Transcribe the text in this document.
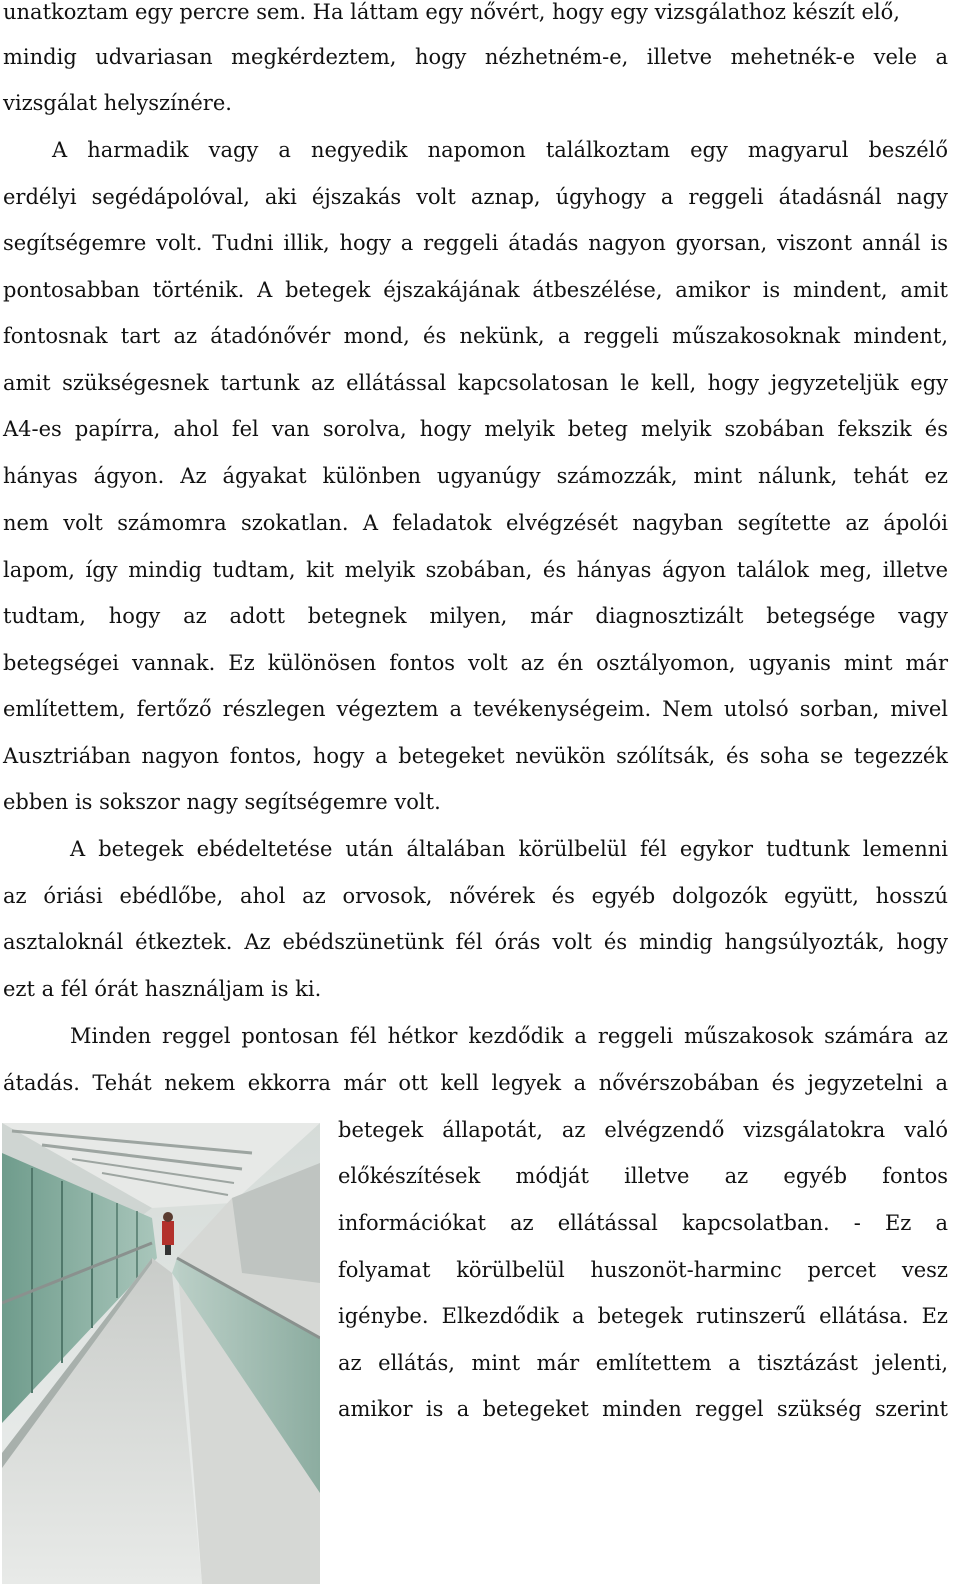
unatkoztam egy percre sem. Ha láttam egy nővért, hogy egy vizsgálathoz készít elő,
mindig udvariasan megkérdeztem, hogy nézhetném-e, illetve mehetnék-e vele a
vizsgálat helyszínére.
A harmadik vagy a negyedik napomon találkoztam egy magyarul beszélő
erdélyi segédápolóval, aki éjszakás volt aznap, úgyhogy a reggeli átadásnál nagy
segítségemre volt. Tudni illik, hogy a reggeli átadás nagyon gyorsan, viszont annál is
pontosabban történik. A betegek éjszakájának átbeszélése, amikor is mindent, amit
fontosnak tart az átadónővér mond, és nekünk, a reggeli műszakosoknak mindent,
amit szükségesnek tartunk az ellátással kapcsolatosan le kell, hogy jegyzeteljük egy
A4-es papírra, ahol fel van sorolva, hogy melyik beteg melyik szobában fekszik és
hányas ágyon. Az ágyakat különben ugyanúgy számozzák, mint nálunk, tehát ez
nem volt számomra szokatlan. A feladatok elvégzését nagyban segítette az ápolói
lapom, így mindig tudtam, kit melyik szobában, és hányas ágyon találok meg, illetve
tudtam, hogy az adott betegnek milyen, már diagnosztizált betegsége vagy
betegségei vannak. Ez különösen fontos volt az én osztályomon, ugyanis mint már
említettem, fertőző részlegen végeztem a tevékenységeim. Nem utolsó sorban, mivel
Ausztriában nagyon fontos, hogy a betegeket nevükön szólítsák, és soha se tegezzék
ebben is sokszor nagy segítségemre volt.
A betegek ebédeltetése után általában körülbelül fél egykor tudtunk lemenni
az óriási ebédlőbe, ahol az orvosok, nővérek és egyéb dolgozók együtt, hosszú
asztaloknál étkeztek. Az ebédszünetünk fél órás volt és mindig hangsúlyozták, hogy
ezt a fél órát használjam is ki.
Minden reggel pontosan fél hétkor kezdődik a reggeli műszakosok számára az
átadás. Tehát nekem ekkorra már ott kell legyek a nővérszobában és jegyzetelni a
betegek állapotát, az elvégzendő vizsgálatokra való
előkészítések módját illetve az egyéb fontos
információkat az ellátással kapcsolatban. - Ez a
folyamat körülbelül huszonöt-harminc percet vesz
igénybe. Elkezdődik a betegek rutinszerű ellátása. Ez
az ellátás, mint már említettem a tisztázást jelenti,
amikor is a betegeket minden reggel szükség szerint
